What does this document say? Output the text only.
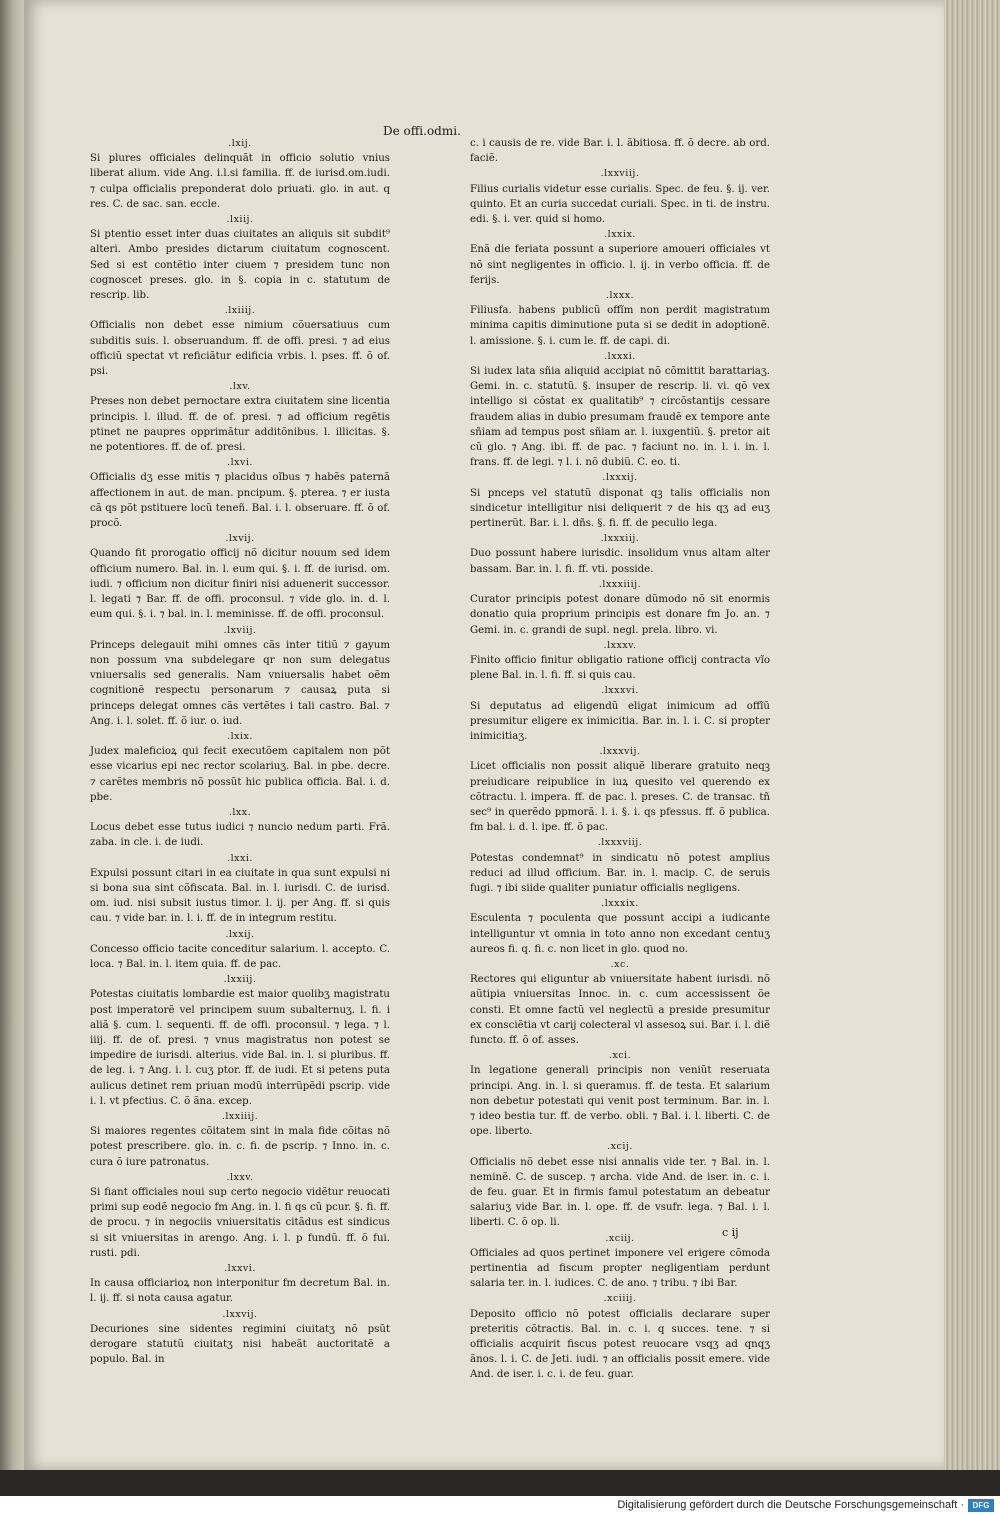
De offi.odmi.
.lxij.
Si plures officiales delinquãt in officio solutio vnius liberat alium. vide Ang. i.l.si familia. ff. de iurisd.om.iudi. ⁊ culpa officialis preponderat dolo priuati. glo. in aut. q res. C. de sac. san. eccle.
.lxiij.
Si ptentio esset inter duas ciuitates an aliquis sit subdit⁹ alteri. Ambo presides dictarum ciuitatum cognoscent. Sed si est contẽtio inter ciuem ⁊ presidem tunc non cognoscet preses. glo. in §. copia in c. statutum de rescrip. lib.
.lxiiij.
Officialis non debet esse nimium cõuersatiuus cum subditis suis. l. obseruandum. ff. de offi. presi. ⁊ ad eius officiũ spectat vt reficiãtur edificia vrbis. l. pses. ff. õ of. psi.
.lxv.
Preses non debet pernoctare extra ciuitatem sine licentia principis. l. illud. ff. de of. presi. ⁊ ad officium regẽtis ptinet ne paupres opprimãtur additõnibus. l. illicitas. §. ne potentiores. ff. de of. presi.
.lxvi.
Officialis dʒ esse mitis ⁊ placidus oĩbus ⁊ habẽs paternã affectionem in aut. de man. pncipum. §. pterea. ⁊ er iusta cã qs põt pstituere locũ teneñ. Bal. i. l. obseruare. ff. õ of. procõ.
.lxvij.
Quando fit prorogatio officij nõ dicitur nouum sed idem officium numero. Bal. in. l. eum qui. §. i. ff. de iurisd. om. iudi. ⁊ officium non dicitur finiri nisi aduenerit successor. l. legati ⁊ Bar. ff. de offi. proconsul. ⁊ vide glo. in. d. l. eum qui. §. i. ⁊ bal. in. l. meminisse. ff. de offi. proconsul.
.lxviij.
Princeps delegauit mihi omnes cãs inter titiũ ⁊ gayum non possum vna subdelegare qr non sum delegatus vniuersalis sed generalis. Nam vniuersalis habet oẽm cognitionẽ respectu personarum ⁊ causaꝝ puta si princeps delegat omnes cãs vertẽtes i tali castro. Bal. ⁊ Ang. i. l. solet. ff. õ iur. o. iud.
.lxix.
Judex maleficioꝝ qui fecit executõem capitalem non põt esse vicarius epi nec rector scolariuʒ. Bal. in pbe. decre. ⁊ carẽtes membris nõ possũt hic publica officia. Bal. i. d. pbe.
.lxx.
Locus debet esse tutus iudici ⁊ nuncio nedum parti. Frã. zaba. in cle. i. de iudi.
.lxxi.
Expulsi possunt citari in ea ciuitate in qua sunt expulsi ni si bona sua sint cõfiscata. Bal. in. l. iurisdi. C. de iurisd. om. iud. nisi subsit iustus timor. l. ij. per Ang. ff. si quis cau. ⁊ vide bar. in. l. i. ff. de in integrum restitu.
.lxxij.
Concesso officio tacite conceditur salarium. l. accepto. C. loca. ⁊ Bal. in. l. item quia. ff. de pac.
.lxxiij.
Potestas ciuitatis lombardie est maior quolibʒ magistratu post imperatorẽ vel principem suum subalternuʒ. l. fi. i aliã §. cum. l. sequenti. ff. de offi. proconsul. ⁊ lega. ⁊ l. iiij. ff. de of. presi. ⁊ vnus magistratus non potest se impedire de iurisdi. alterius. vide Bal. in. l. si pluribus. ff. de leg. i. ⁊ Ang. i. l. cuʒ ptor. ff. de iudi. Et si petens puta aulicus detinet rem priuan modũ interrũpẽdi pscrip. vide i. l. vt pfectius. C. õ ãna. excep.
.lxxiiij.
Si maiores regentes cõitatem sint in mala fide cõitas nõ potest prescribere. glo. in. c. fi. de pscrip. ⁊ Inno. in. c. cura õ iure patronatus.
.lxxv.
Si fiant officiales noui sup certo negocio vidẽtur reuocati primi sup eodẽ negocio fm Ang. in. l. fi qs cũ pcur. §. fi. ff. de procu. ⁊ in negociis vniuersitatis citãdus est sindicus si sit vniuersitas in arengo. Ang. i. l. p fundũ. ff. õ fui. rusti. pdi.
.lxxvi.
In causa officiarioꝝ non interponitur fm decretum Bal. in. l. ij. ff. si nota causa agatur.
.lxxvij.
Decuriones sine sidentes regimini ciuitatʒ nõ psũt derogare statutũ ciuitatʒ nisi habeãt auctoritatẽ a populo. Bal. in
c. i causis de re. vide Bar. i. l. ãbitiosa. ff. õ decre. ab ord. faciẽ.
.lxxviij.
Filius curialis videtur esse curialis. Spec. de feu. §. ij. ver. quinto. Et an curia succedat curiali. Spec. in ti. de instru. edi. §. i. ver. quid si homo.
.lxxix.
Enã die feriata possunt a superiore amoueri officiales vt nõ sint negligentes in officio. l. ij. in verbo officia. ff. de ferijs.
.lxxx.
Filiusfa. habens publicũ offĩm non perdit magistratum minima capitis diminutione puta si se dedit in adoptionẽ. l. amissione. §. i. cum le. ff. de capi. di.
.lxxxi.
Si iudex lata sñia aliquid accipiat nõ cõmittit barattariaʒ. Gemi. in. c. statutũ. §. insuper de rescrip. li. vi. qõ vex intelligo si cõstat ex qualitatib⁹ ⁊ circõstantijs cessare fraudem alias in dubio presumam fraudẽ ex tempore ante sñiam ad tempus post sñiam ar. l. iuxgentiũ. §. pretor ait cũ glo. ⁊ Ang. ibi. ff. de pac. ⁊ faciunt no. in. l. i. in. l. frans. ff. de legi. ⁊ l. i. nõ dubiũ. C. eo. ti.
.lxxxij.
Si pnceps vel statutũ disponat qꝫ talis officialis non sindicetur intelligitur nisi deliquerit ⁊ de his qʒ ad euʒ pertinerũt. Bar. i. l. dñs. §. fi. ff. de peculio lega.
.lxxxiij.
Duo possunt habere iurisdic. insolidum vnus altam alter bassam. Bar. in. l. fi. ff. vti. posside.
.lxxxiiij.
Curator principis potest donare dũmodo nõ sit enormis donatio quia proprium principis est donare fm Jo. an. ⁊ Gemi. in. c. grandi de supl. negl. prela. libro. vi.
.lxxxv.
Finito officio finitur obligatio ratione officij contracta vĩo plene Bal. in. l. fi. ff. si quis cau.
.lxxxvi.
Si deputatus ad eligendũ eligat inimicum ad offĩũ presumitur eligere ex inimicitia. Bar. in. l. i. C. si propter inimicitiaʒ.
.lxxxvij.
Licet officialis non possit aliquẽ liberare gratuito neqꝫ preiudicare reipublice in iuꝝ quesito vel querendo ex cõtractu. l. impera. ff. de pac. l. preses. C. de transac. tñ sec⁹ in querẽdo ppmorã. l. i. §. i. qs pfessus. ff. õ publica. fm bal. i. d. l. ipe. ff. õ pac.
.lxxxviij.
Potestas condemnat⁹ in sindicatu nõ potest amplius reduci ad illud officium. Bar. in. l. macip. C. de seruis fugi. ⁊ ibi siide qualiter puniatur officialis negligens.
.lxxxix.
Esculenta ⁊ poculenta que possunt accipi a iudicante intelliguntur vt omnia in toto anno non excedant centuʒ aureos fi. q. fi. c. non licet in glo. quod no.
.xc.
Rectores qui eliguntur ab vniuersitate habent iurisdi. nõ aũtipia vniuersitas Innoc. in. c. cum accessissent õe consti. Et omne factũ vel neglectũ a preside presumitur ex consciẽtia vt carij colecteral vl assesoꝝ sui. Bar. i. l. diẽ functo. ff. õ of. asses.
.xci.
In legatione generali principis non veniũt reseruata principi. Ang. in. l. si queramus. ff. de testa. Et salarium non debetur potestati qui venit post terminum. Bar. in. l. ⁊ ideo bestia tur. ff. de verbo. obli. ⁊ Bal. i. l. liberti. C. de ope. liberto.
.xcij.
Officialis nõ debet esse nisi annalis vide ter. ⁊ Bal. in. l. neminẽ. C. de suscep. ⁊ archa. vide And. de iser. in. c. i. de feu. guar. Et in firmis famul potestatum an debeatur salariuʒ vide Bar. in. l. ope. ff. de vsufr. lega. ⁊ Bal. i. l. liberti. C. õ op. li.
.xciij.
Officiales ad quos pertinet imponere vel erigere cõmoda pertinentia ad fiscum propter negligentiam perdunt salaria ter. in. l. iudices. C. de ano. ⁊ tribu. ⁊ ibi Bar.
.xciiij.
Deposito officio nõ potest officialis declarare super preteritis cõtractis. Bal. in. c. i. q succes. tene. ⁊ si officialis acquirit fiscus potest reuocare vsqʒ ad qnqʒ ãnos. l. i. C. de Jeti. iudi. ⁊ an officialis possit emere. vide And. de iser. i. c. i. de feu. guar.
c ij
Digitalisierung gefördert durch die Deutsche Forschungsgemeinschaft ·	DFG
